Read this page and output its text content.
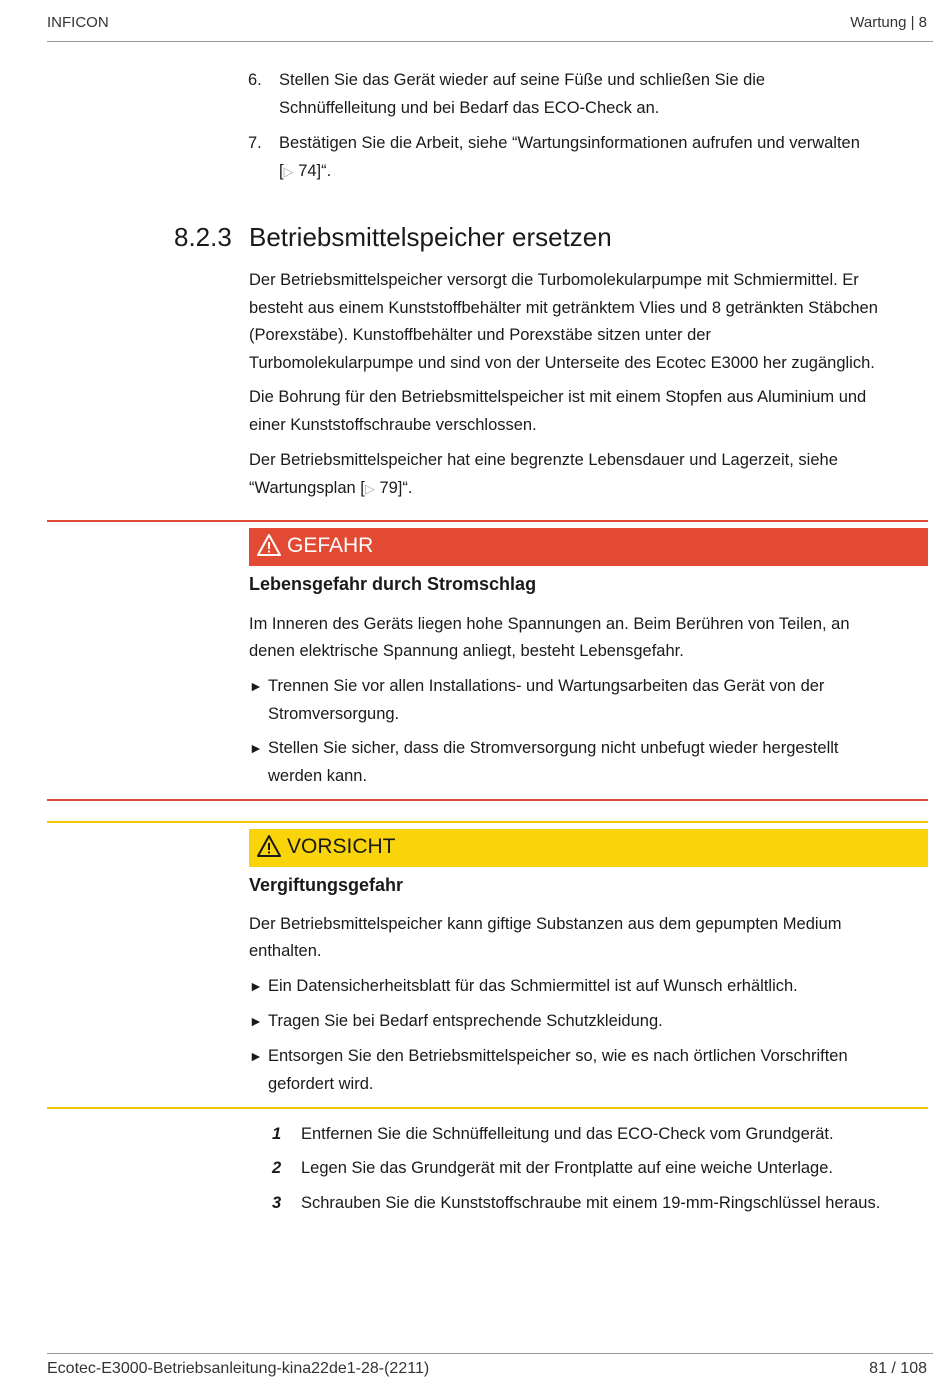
INFICON	Wartung | 8
6.	Stellen Sie das Gerät wieder auf seine Füße und schließen Sie die
Schnüffelleitung und bei Bedarf das ECO-Check an.
7.	Bestätigen Sie die Arbeit, siehe “Wartungsinformationen aufrufen und verwalten
[▷ 74]“.
8.2.3 Betriebsmittelspeicher ersetzen
Der Betriebsmittelspeicher versorgt die Turbomolekularpumpe mit Schmiermittel. Er
besteht aus einem Kunststoffbehälter mit getränktem Vlies und 8 getränkten Stäbchen
(Porexstäbe). Kunstoffbehälter und Porexstäbe sitzen unter der
Turbomolekularpumpe und sind von der Unterseite des Ecotec E3000 her zugänglich.
Die Bohrung für den Betriebsmittelspeicher ist mit einem Stopfen aus Aluminium und
einer Kunststoffschraube verschlossen.
Der Betriebsmittelspeicher hat eine begrenzte Lebensdauer und Lagerzeit, siehe
“Wartungsplan [▷ 79]“.
GEFAHR
Lebensgefahr durch Stromschlag
Im Inneren des Geräts liegen hohe Spannungen an. Beim Berühren von Teilen, an
denen elektrische Spannung anliegt, besteht Lebensgefahr.
► Trennen Sie vor allen Installations- und Wartungsarbeiten das Gerät von der
Stromversorgung.
► Stellen Sie sicher, dass die Stromversorgung nicht unbefugt wieder hergestellt
werden kann.
VORSICHT
Vergiftungsgefahr
Der Betriebsmittelspeicher kann giftige Substanzen aus dem gepumpten Medium
enthalten.
► Ein Datensicherheitsblatt für das Schmiermittel ist auf Wunsch erhältlich.
► Tragen Sie bei Bedarf entsprechende Schutzkleidung.
► Entsorgen Sie den Betriebsmittelspeicher so, wie es nach örtlichen Vorschriften
gefordert wird.
1 Entfernen Sie die Schnüffelleitung und das ECO-Check vom Grundgerät.
2 Legen Sie das Grundgerät mit der Frontplatte auf eine weiche Unterlage.
3 Schrauben Sie die Kunststoffschraube mit einem 19-mm-Ringschlüssel heraus.
Ecotec-E3000-Betriebsanleitung-kina22de1-28-(2211)	81 / 108
